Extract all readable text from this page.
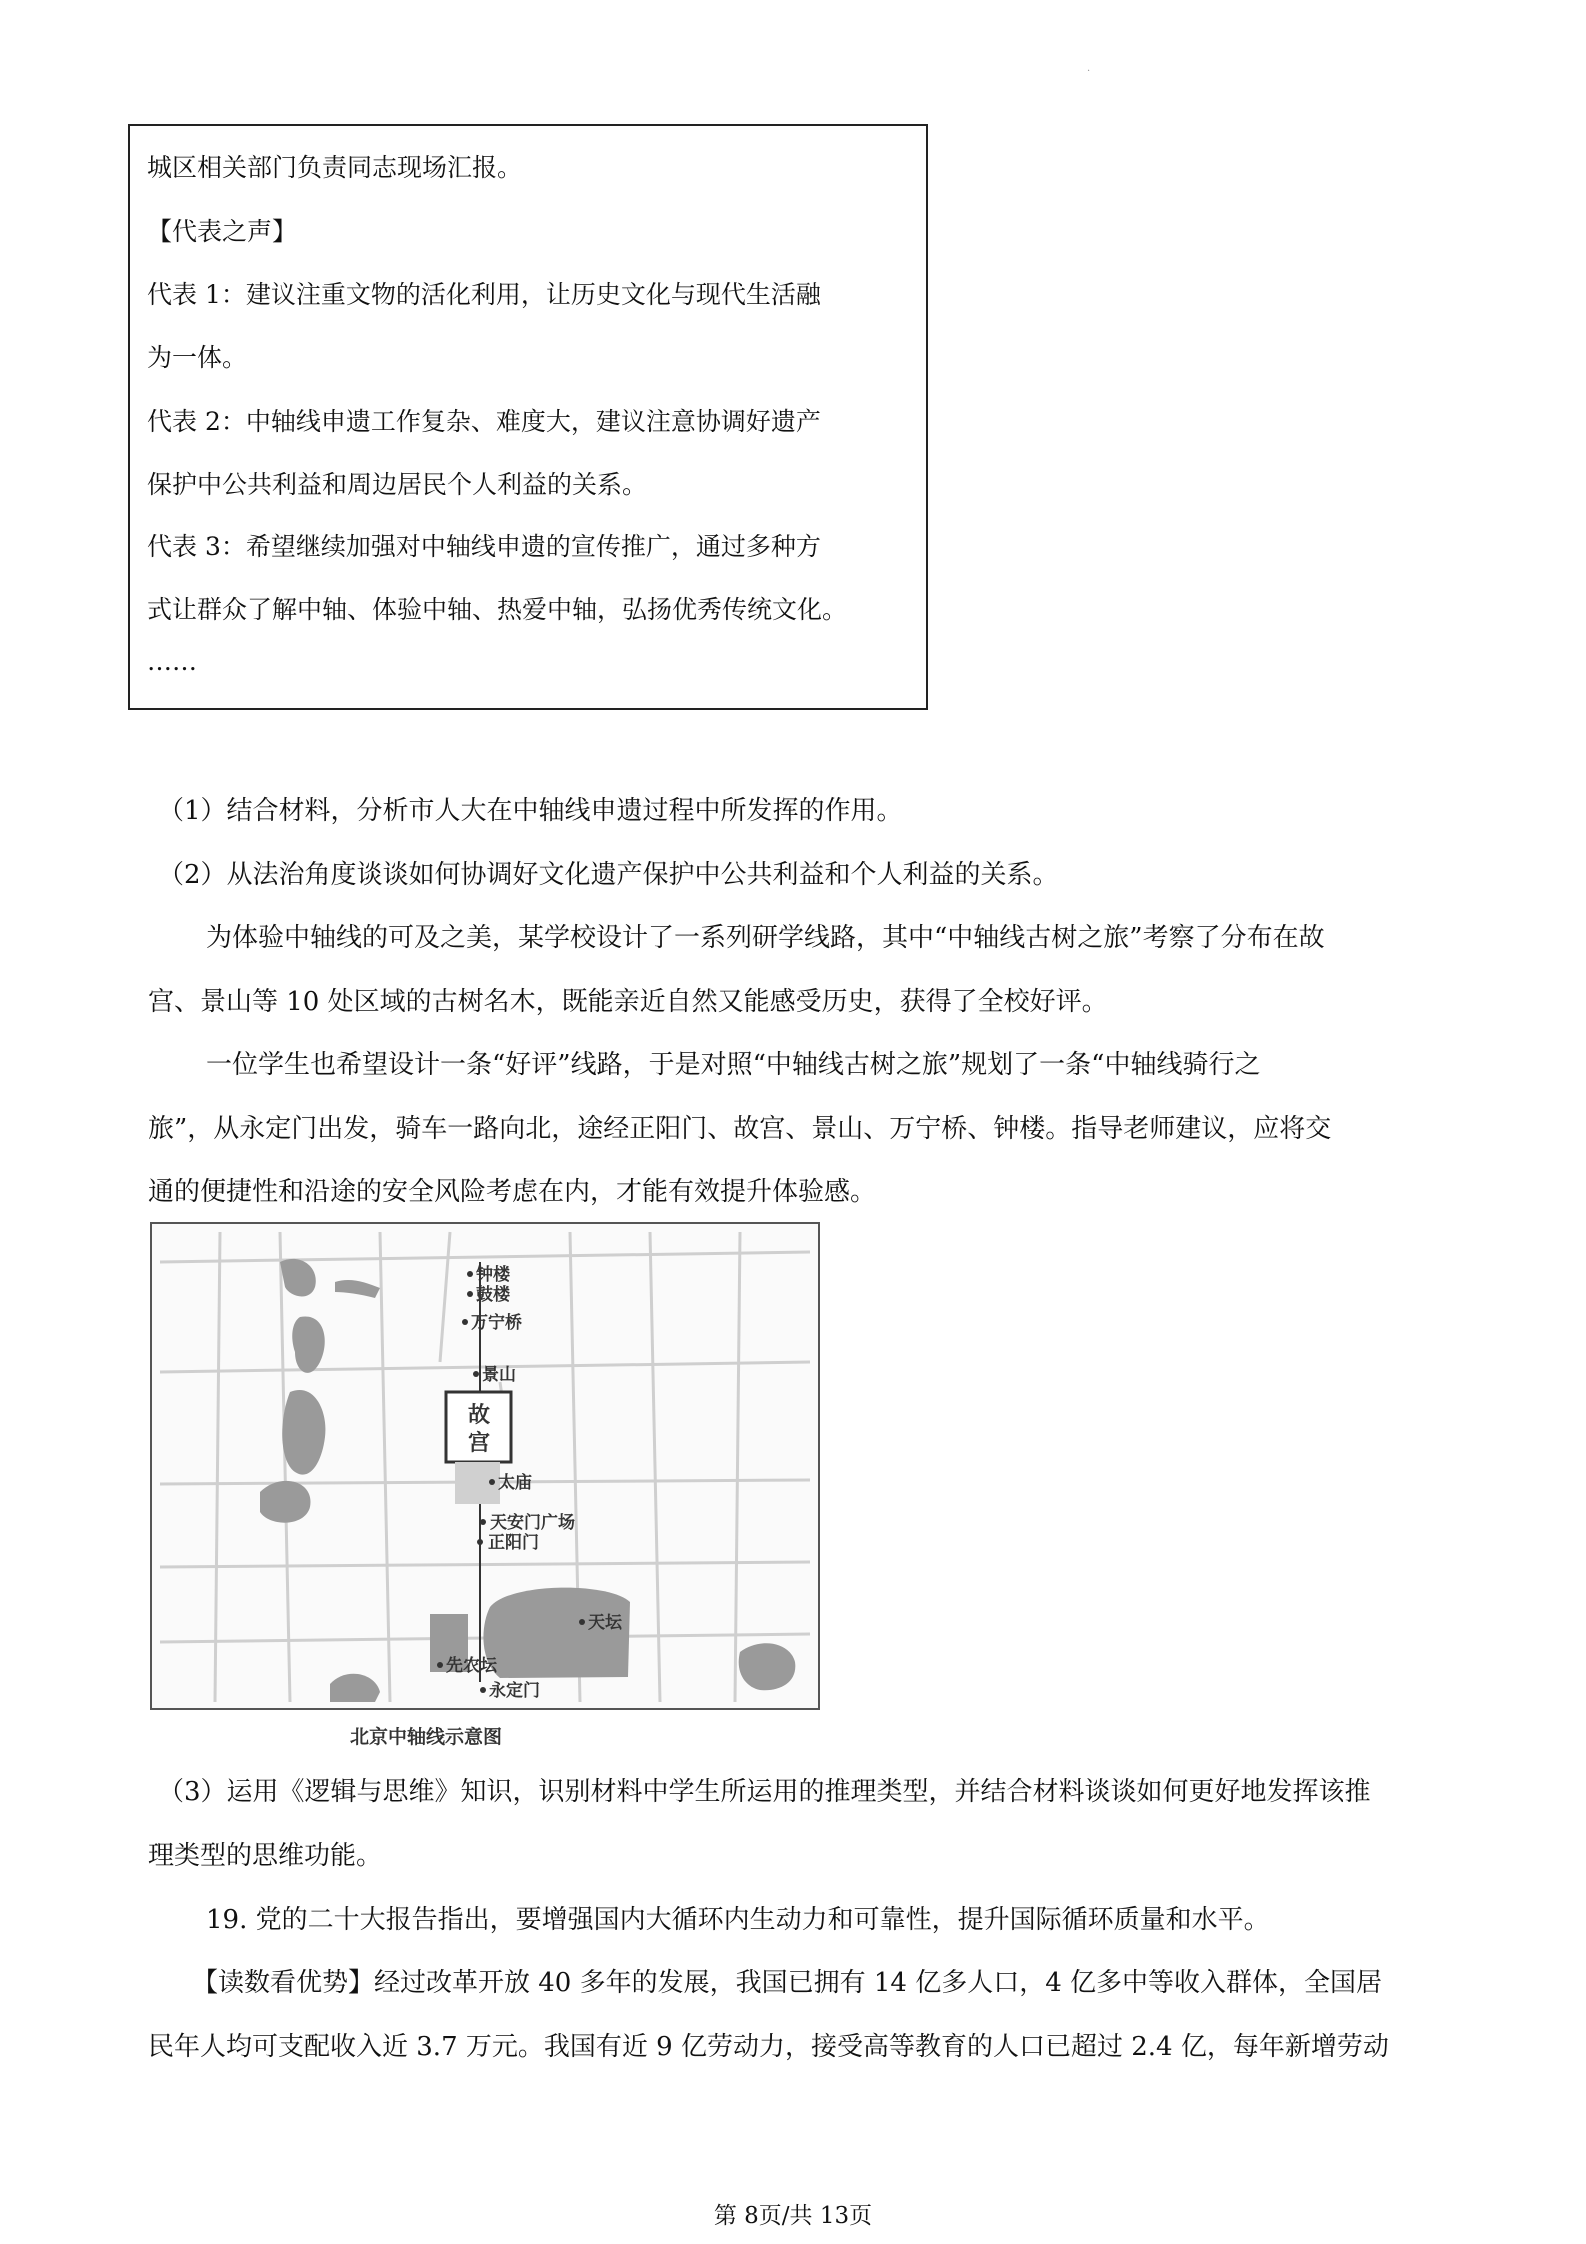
·
城区相关部门负责同志现场汇报。
【代表之声】
代表 1：建议注重文物的活化利用，让历史文化与现代生活融
为一体。
代表 2：中轴线申遗工作复杂、难度大，建议注意协调好遗产
保护中公共利益和周边居民个人利益的关系。
代表 3：希望继续加强对中轴线申遗的宣传推广，通过多种方
式让群众了解中轴、体验中轴、热爱中轴，弘扬优秀传统文化。
……
（1）结合材料，分析市人大在中轴线申遗过程中所发挥的作用。
（2）从法治角度谈谈如何协调好文化遗产保护中公共利益和个人利益的关系。
为体验中轴线的可及之美，某学校设计了一系列研学线路，其中“中轴线古树之旅”考察了分布在故
宫、景山等 10 处区域的古树名木，既能亲近自然又能感受历史，获得了全校好评。
一位学生也希望设计一条“好评”线路，于是对照“中轴线古树之旅”规划了一条“中轴线骑行之
旅”，从永定门出发，骑车一路向北，途经正阳门、故宫、景山、万宁桥、钟楼。指导老师建议，应将交
通的便捷性和沿途的安全风险考虑在内，才能有效提升体验感。
钟楼
鼓楼
万宁桥
景山
故
宫
太庙
天安门广场
正阳门
天坛
先农坛
永定门
北京中轴线示意图
（3）运用《逻辑与思维》知识，识别材料中学生所运用的推理类型，并结合材料谈谈如何更好地发挥该推
理类型的思维功能。
19. 党的二十大报告指出，要增强国内大循环内生动力和可靠性，提升国际循环质量和水平。
【读数看优势】经过改革开放 40 多年的发展，我国已拥有 14 亿多人口，4 亿多中等收入群体，全国居
民年人均可支配收入近 3.7 万元。我国有近 9 亿劳动力，接受高等教育的人口已超过 2.4 亿，每年新增劳动
第 8页/共 13页
